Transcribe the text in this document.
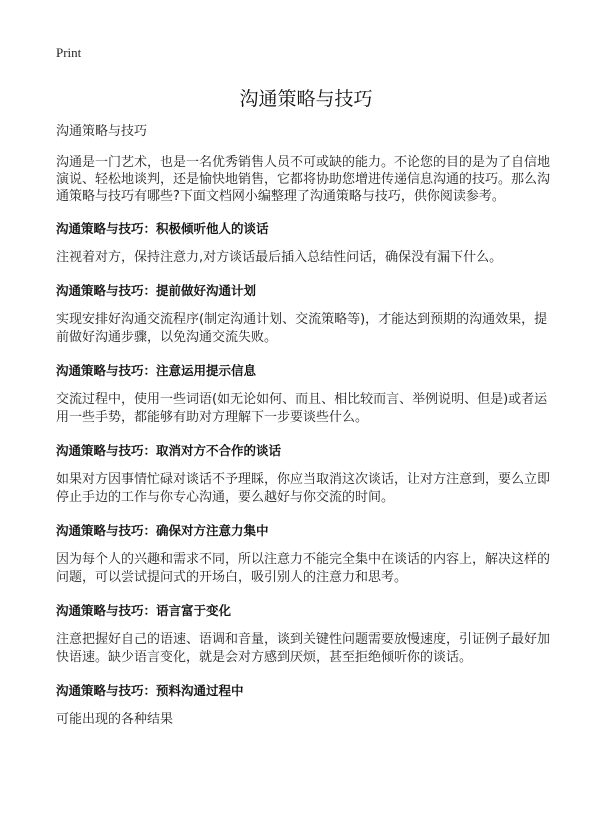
Print

沟通策略与技巧

沟通策略与技巧

沟通是一门艺术，也是一名优秀销售人员不可或缺的能力。不论您的目的是为了自信地演说、轻松地谈判，还是愉快地销售，它都将协助您增进传递信息沟通的技巧。那么沟通策略与技巧有哪些?下面文档网小编整理了沟通策略与技巧，供你阅读参考。

沟通策略与技巧：积极倾听他人的谈话

注视着对方，保持注意力,对方谈话最后插入总结性问话，确保没有漏下什么。

沟通策略与技巧：提前做好沟通计划

实现安排好沟通交流程序(制定沟通计划、交流策略等)，才能达到预期的沟通效果，提前做好沟通步骤，以免沟通交流失败。

沟通策略与技巧：注意运用提示信息

交流过程中，使用一些词语(如无论如何、而且、相比较而言、举例说明、但是)或者运用一些手势，都能够有助对方理解下一步要谈些什么。

沟通策略与技巧：取消对方不合作的谈话

如果对方因事情忙碌对谈话不予理睬，你应当取消这次谈话，让对方注意到，要么立即停止手边的工作与你专心沟通，要么越好与你交流的时间。

沟通策略与技巧：确保对方注意力集中

因为每个人的兴趣和需求不同，所以注意力不能完全集中在谈话的内容上，解决这样的问题，可以尝试提问式的开场白，吸引别人的注意力和思考。

沟通策略与技巧：语言富于变化

注意把握好自己的语速、语调和音量，谈到关键性问题需要放慢速度，引证例子最好加快语速。缺少语言变化，就是会对方感到厌烦，甚至拒绝倾听你的谈话。

沟通策略与技巧：预料沟通过程中

可能出现的各种结果
